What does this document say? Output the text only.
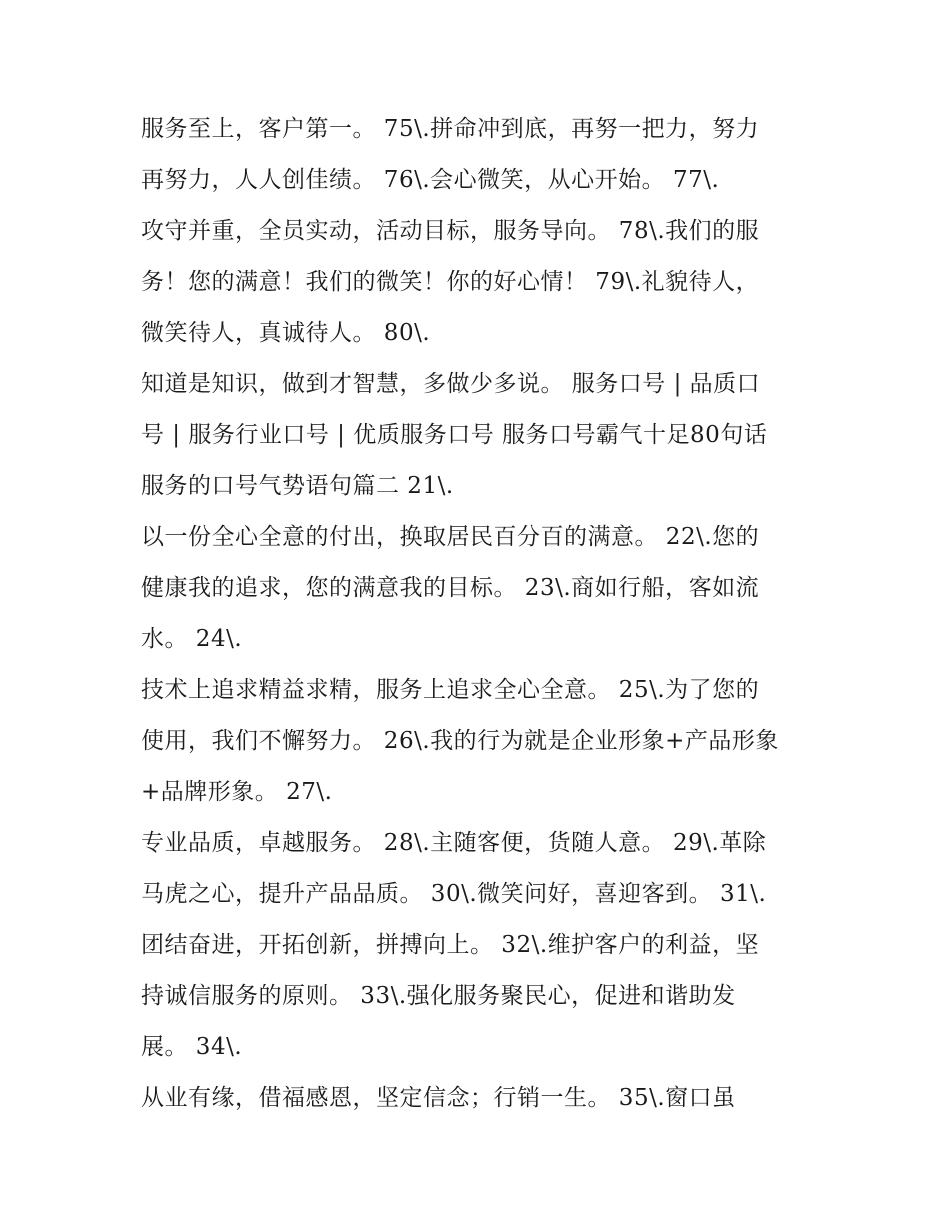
服务至上，客户第一。 75\.拼命冲到底，再努一把力，努力
再努力，人人创佳绩。 76\.会心微笑，从心开始。 77\.
攻守并重，全员实动，活动目标，服务导向。 78\.我们的服
务！您的满意！我们的微笑！你的好心情！ 79\.礼貌待人，
微笑待人，真诚待人。 80\.
知道是知识，做到才智慧，多做少多说。 服务口号 | 品质口
号 | 服务行业口号 | 优质服务口号 服务口号霸气十足80句话
服务的口号气势语句篇二 21\.
以一份全心全意的付出，换取居民百分百的满意。 22\.您的
健康我的追求，您的满意我的目标。 23\.商如行船，客如流
水。 24\.
技术上追求精益求精，服务上追求全心全意。 25\.为了您的
使用，我们不懈努力。 26\.我的行为就是企业形象+产品形象
+品牌形象。 27\.
专业品质，卓越服务。 28\.主随客便，货随人意。 29\.革除
马虎之心，提升产品品质。 30\.微笑问好，喜迎客到。 31\.
团结奋进，开拓创新，拼搏向上。 32\.维护客户的利益，坚
持诚信服务的原则。 33\.强化服务聚民心，促进和谐助发
展。 34\.
从业有缘，借福感恩，坚定信念；行销一生。 35\.窗口虽
